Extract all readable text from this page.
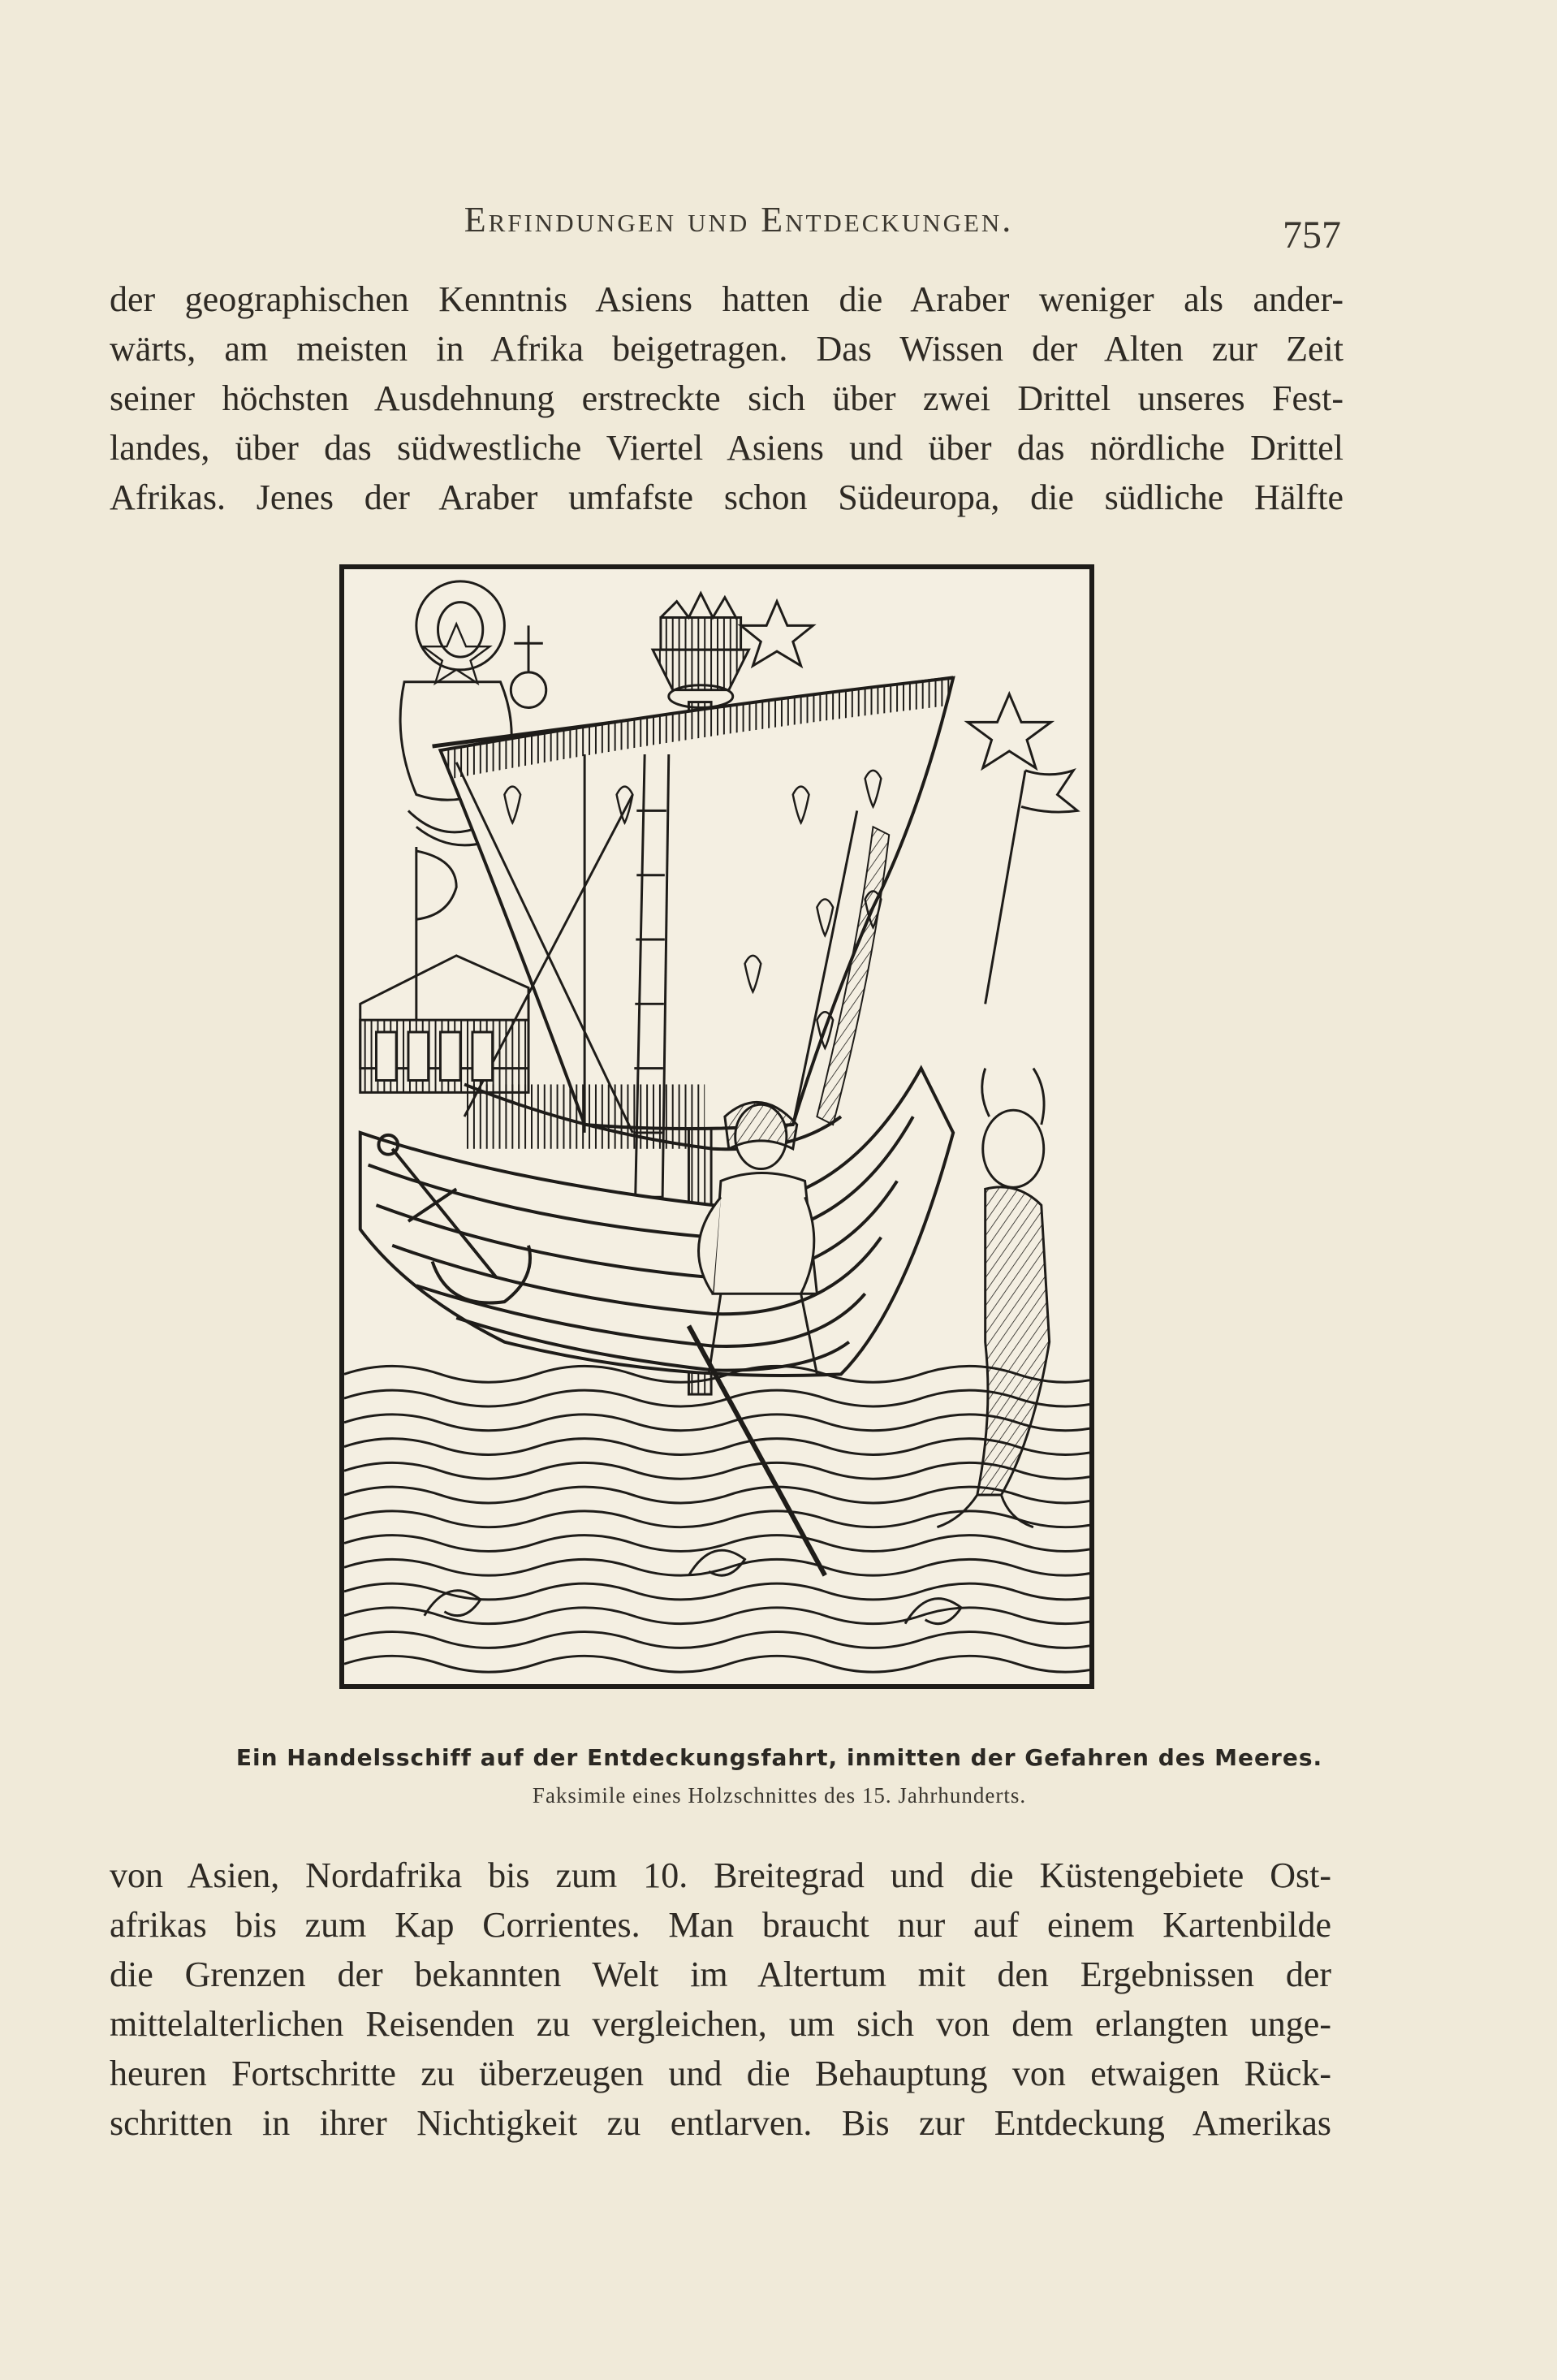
Erfindungen und Entdeckungen.	757
der geographischen Kenntnis Asiens hatten die Araber weniger als ander-
wärts, am meisten in Afrika beigetragen. Das Wissen der Alten zur Zeit
seiner höchsten Ausdehnung erstreckte sich über zwei Drittel unseres Fest-
landes, über das südwestliche Viertel Asiens und über das nördliche Drittel
Afrikas. Jenes der Araber umfafste schon Südeuropa, die südliche Hälfte
Ein Handelsschiff auf der Entdeckungsfahrt, inmitten der Gefahren des Meeres.
Faksimile eines Holzschnittes des 15. Jahrhunderts.
von Asien, Nordafrika bis zum 10. Breitegrad und die Küstengebiete Ost-
afrikas bis zum Kap Corrientes. Man braucht nur auf einem Kartenbilde
die Grenzen der bekannten Welt im Altertum mit den Ergebnissen der
mittelalterlichen Reisenden zu vergleichen, um sich von dem erlangten unge-
heuren Fortschritte zu überzeugen und die Behauptung von etwaigen Rück-
schritten in ihrer Nichtigkeit zu entlarven. Bis zur Entdeckung Amerikas
